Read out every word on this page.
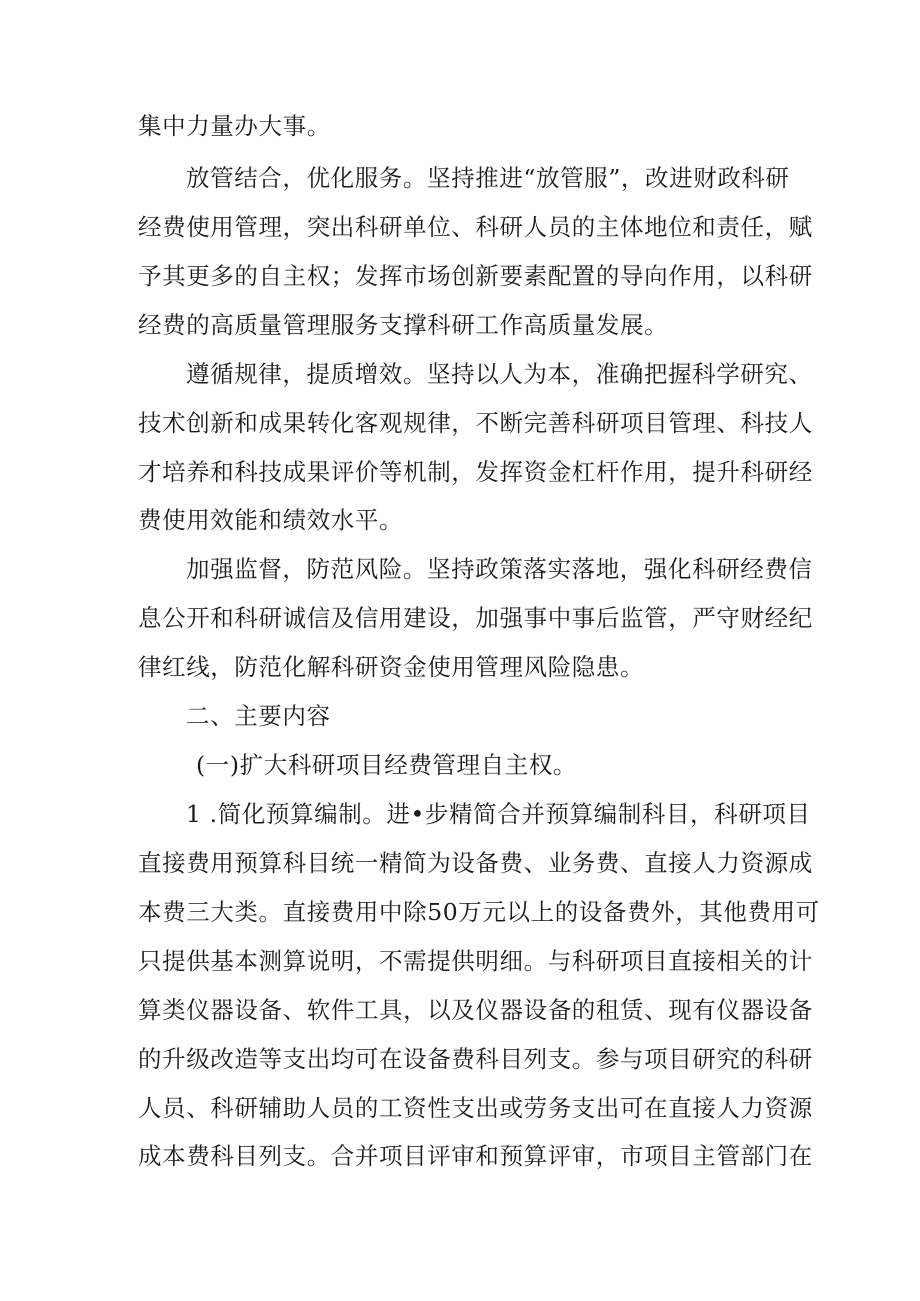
集中力量办大事。
放管结合，优化服务。坚持推进“放管服”，改进财政科研
经费使用管理，突出科研单位、科研人员的主体地位和责任，赋
予其更多的自主权；发挥市场创新要素配置的导向作用，以科研
经费的高质量管理服务支撑科研工作高质量发展。
遵循规律，提质增效。坚持以人为本，准确把握科学研究、
技术创新和成果转化客观规律，不断完善科研项目管理、科技人
才培养和科技成果评价等机制，发挥资金杠杆作用，提升科研经
费使用效能和绩效水平。
加强监督，防范风险。坚持政策落实落地，强化科研经费信
息公开和科研诚信及信用建设，加强事中事后监管，严守财经纪
律红线，防范化解科研资金使用管理风险隐患。
二、主要内容
(一)扩大科研项目经费管理自主权。
1 .简化预算编制。进•步精简合并预算编制科目，科研项目
直接费用预算科目统一精简为设备费、业务费、直接人力资源成
本费三大类。直接费用中除50万元以上的设备费外，其他费用可
只提供基本测算说明，不需提供明细。与科研项目直接相关的计
算类仪器设备、软件工具，以及仪器设备的租赁、现有仪器设备
的升级改造等支出均可在设备费科目列支。参与项目研究的科研
人员、科研辅助人员的工资性支出或劳务支出可在直接人力资源
成本费科目列支。合并项目评审和预算评审，市项目主管部门在
